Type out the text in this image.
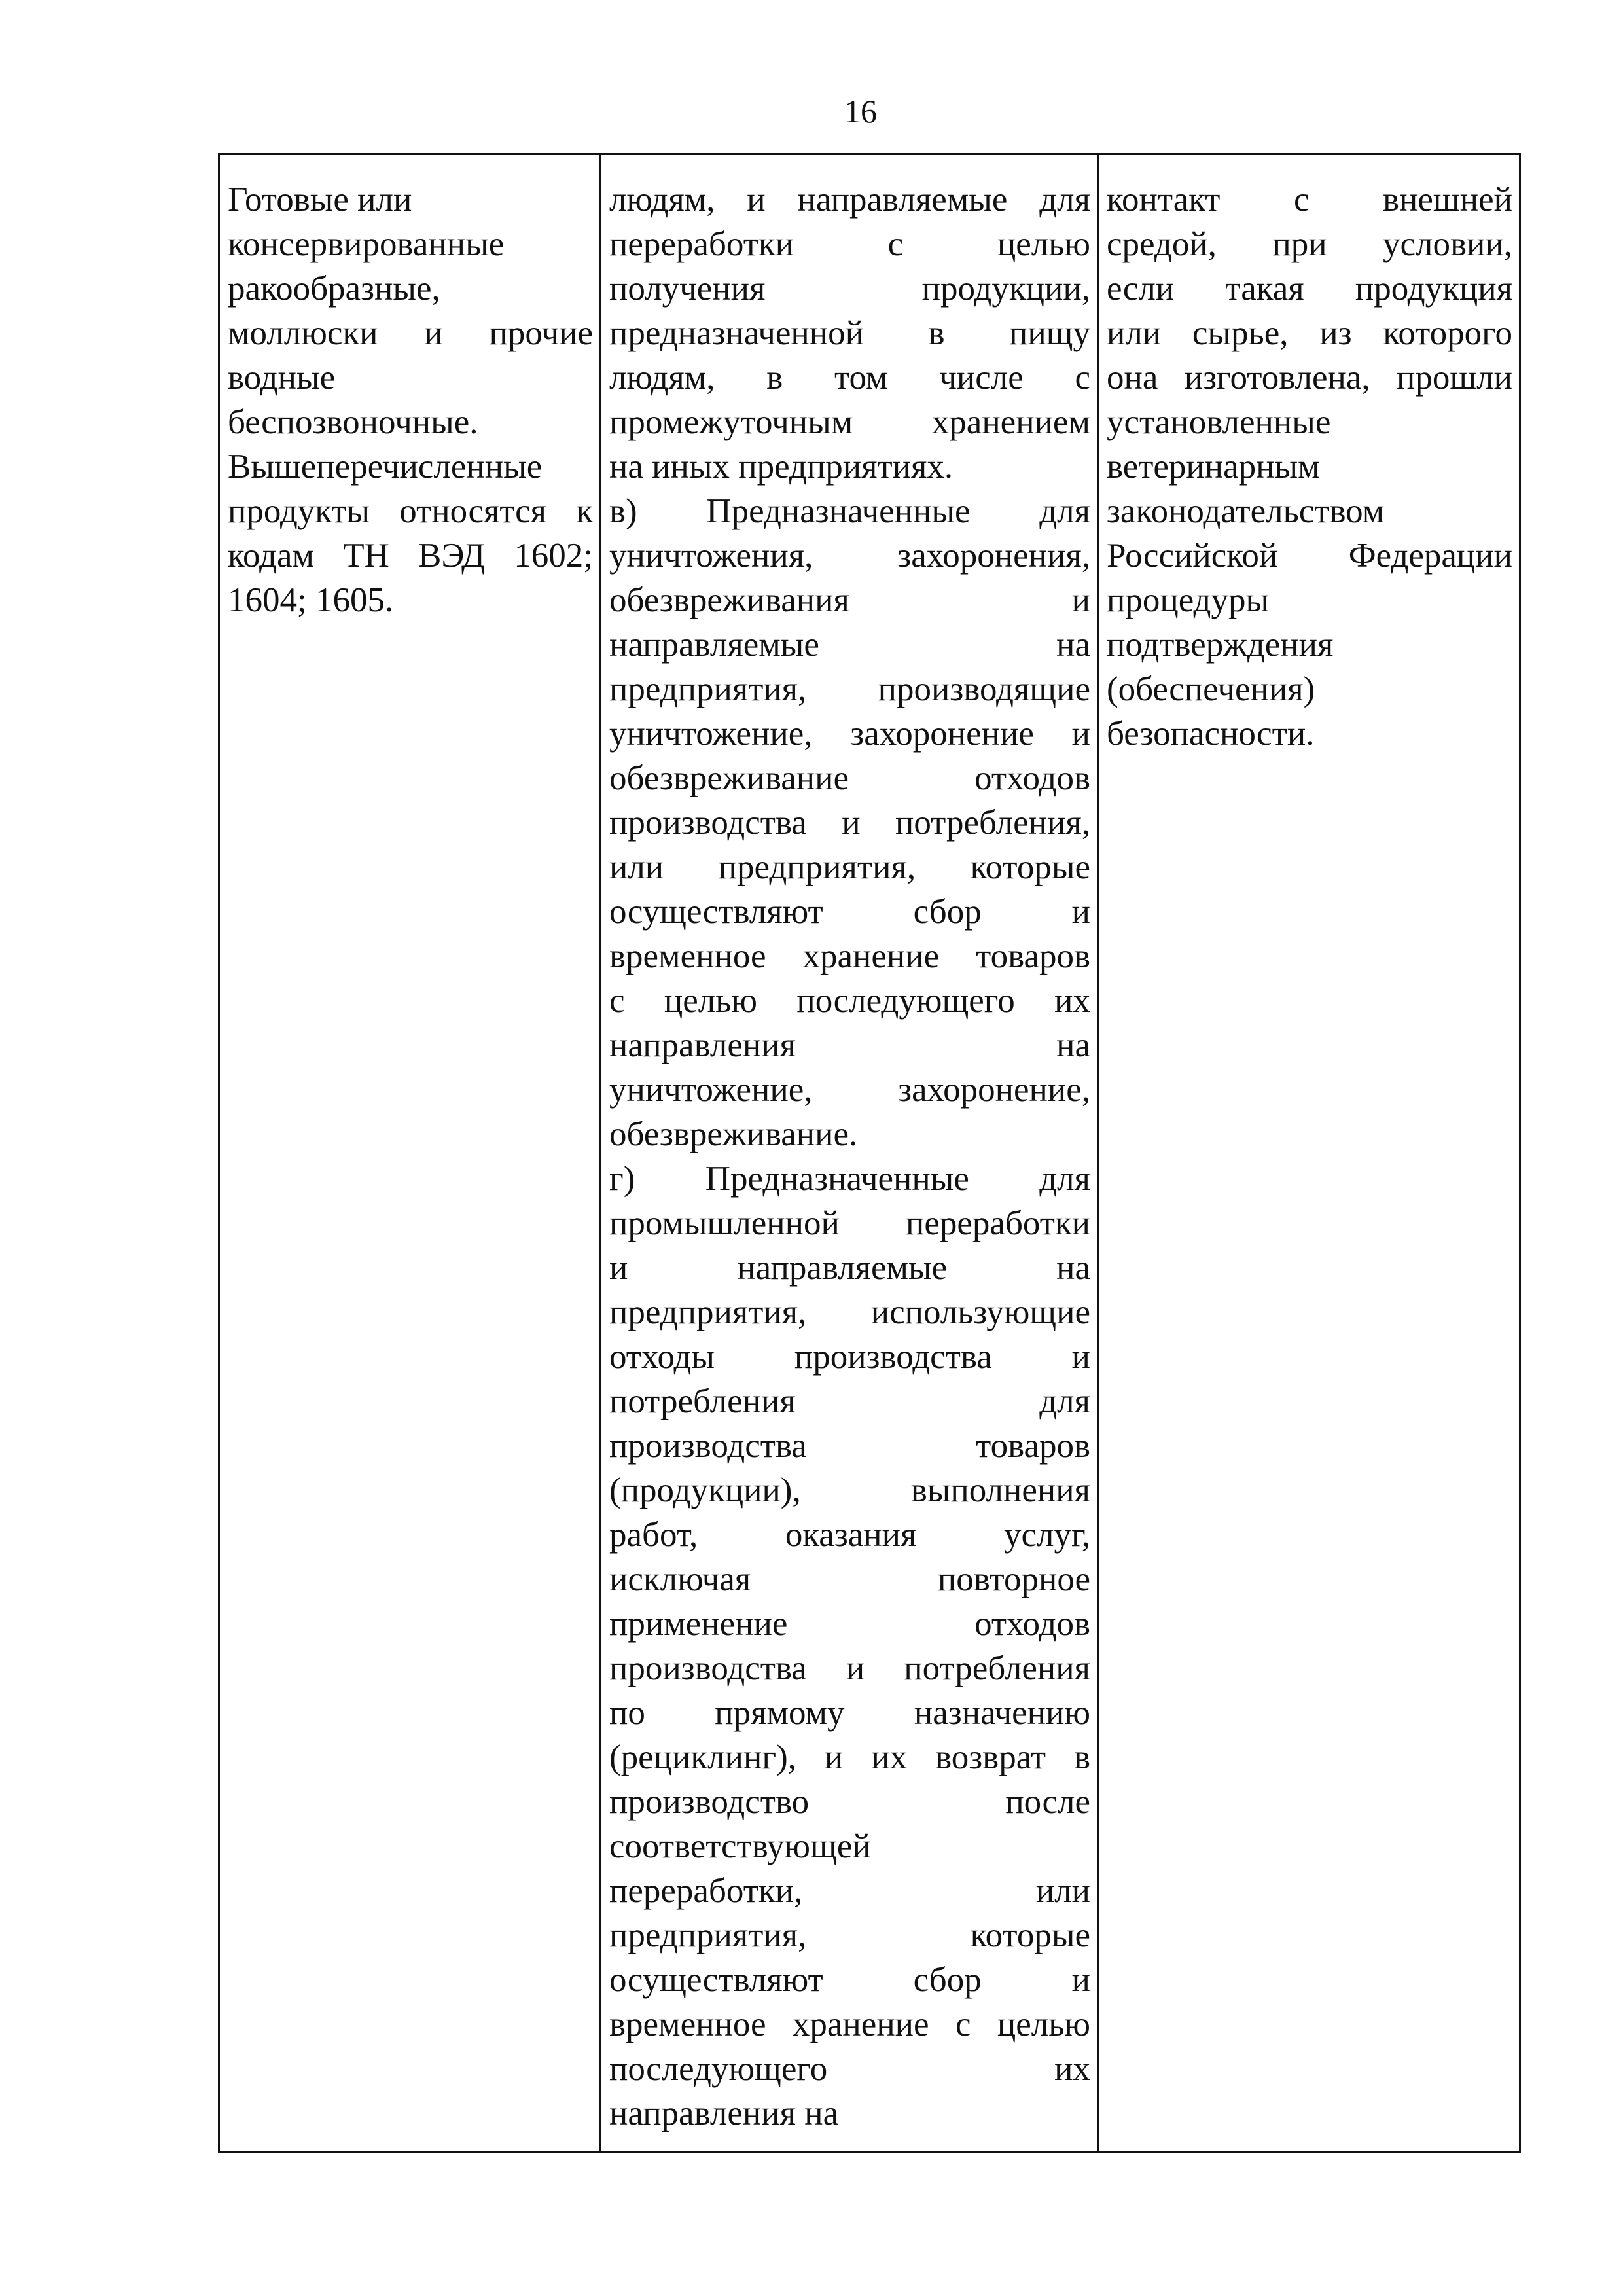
16
Готовые или
консервированные
ракообразные,
моллюски и прочие
водные
беспозвоночные.
Вышеперечисленные
продукты относятся к
кодам ТН ВЭД 1602;
1604; 1605.
людям, и направляемые для
переработки с целью
получения продукции,
предназначенной в пищу
людям, в том числе с
промежуточным хранением
на иных предприятиях.
в) Предназначенные для
уничтожения, захоронения,
обезвреживания и
направляемые на
предприятия, производящие
уничтожение, захоронение и
обезвреживание отходов
производства и потребления,
или предприятия, которые
осуществляют сбор и
временное хранение товаров
с целью последующего их
направления на
уничтожение, захоронение,
обезвреживание.
г) Предназначенные для
промышленной переработки
и направляемые на
предприятия, использующие
отходы производства и
потребления для
производства товаров
(продукции), выполнения
работ, оказания услуг,
исключая повторное
применение отходов
производства и потребления
по прямому назначению
(рециклинг), и их возврат в
производство после
соответствующей
переработки, или
предприятия, которые
осуществляют сбор и
временное хранение с целью
последующего их
направления на
контакт с внешней
средой, при условии,
если такая продукция
или сырье, из которого
она изготовлена, прошли
установленные
ветеринарным
законодательством
Российской Федерации
процедуры
подтверждения
(обеспечения)
безопасности.
